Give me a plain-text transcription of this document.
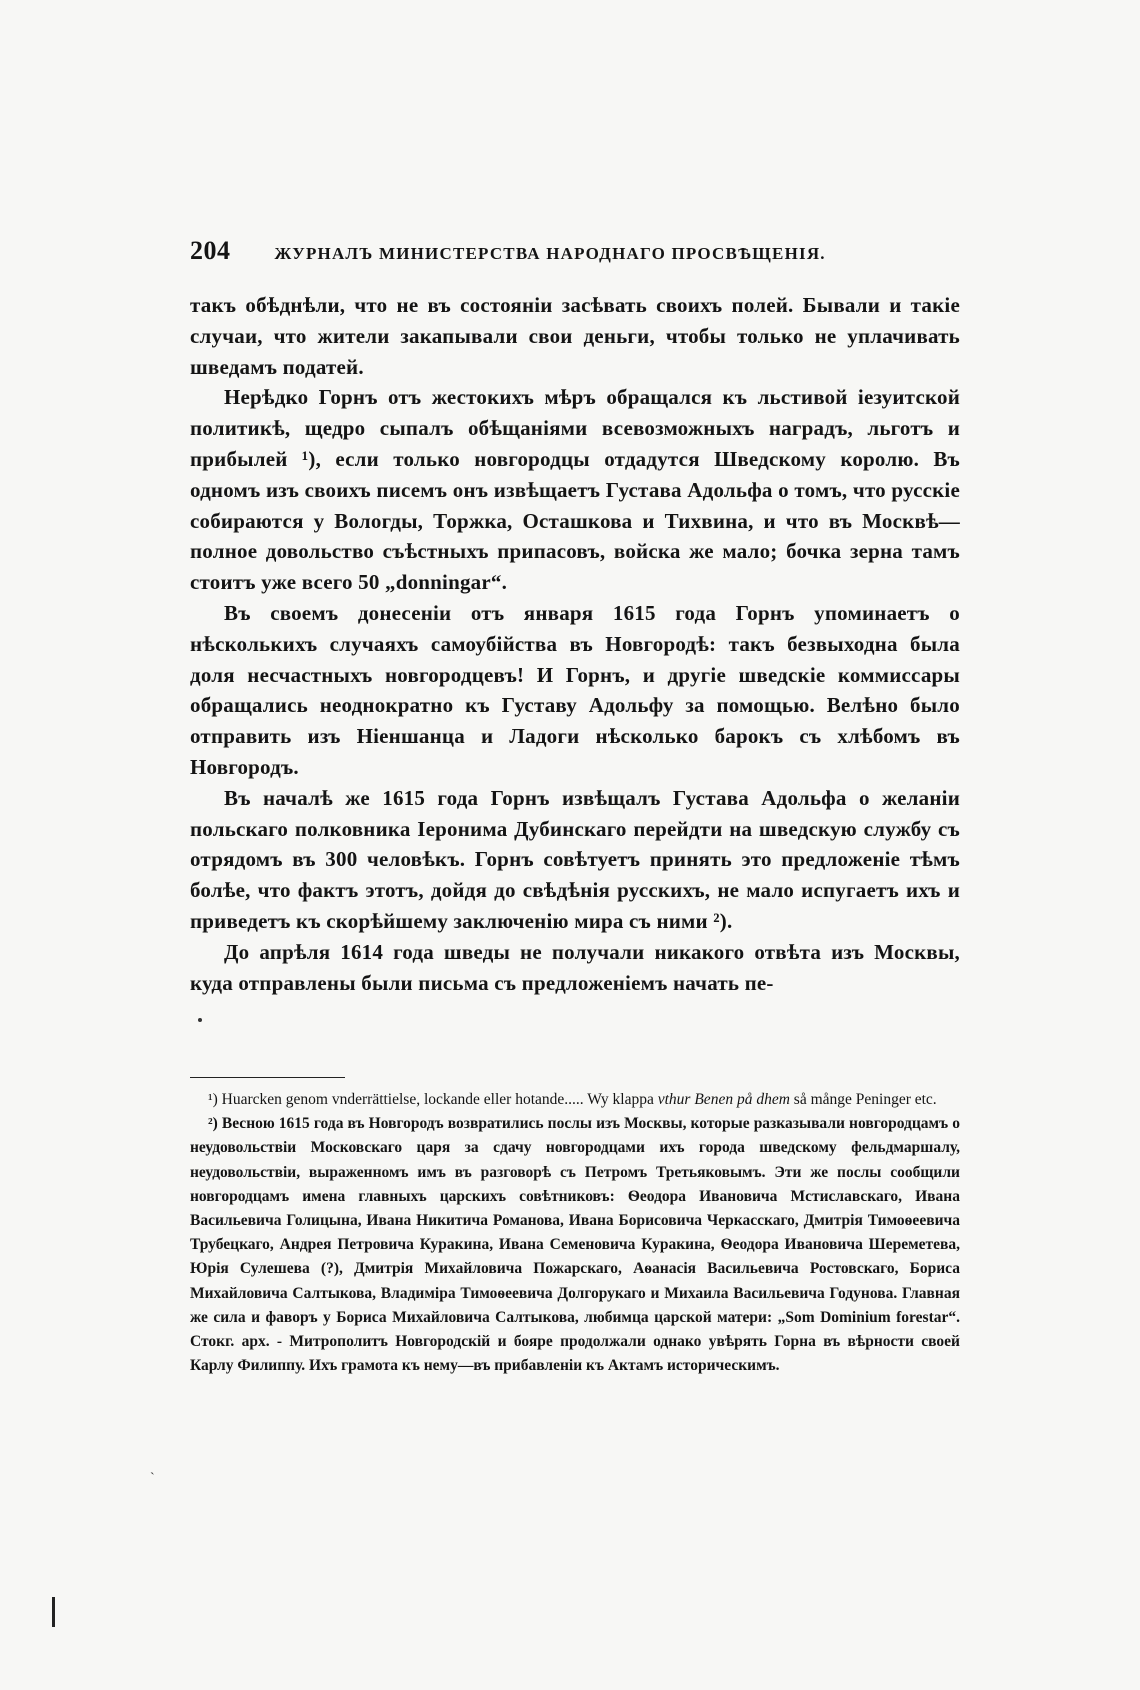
204	ЖУРНАЛЪ МИНИСТЕРСТВА НАРОДНАГО ПРОСВѢЩЕНІЯ.

такъ обѣднѣли, что не въ состояніи засѣвать своихъ полей. Бывали и такіе случаи, что жители закапывали свои деньги, чтобы только не уплачивать шведамъ податей.

Нерѣдко Горнъ отъ жестокихъ мѣръ обращался къ льстивой іезуитской политикѣ, щедро сыпалъ обѣщаніями всевозможныхъ наградъ, льготъ и прибылей ¹), если только новгородцы отдадутся Шведскому королю. Въ одномъ изъ своихъ писемъ онъ извѣщаетъ Густава Адольфа о томъ, что русскіе собираются у Вологды, Торжка, Осташкова и Тихвина, и что въ Москвѣ—полное довольство съѣстныхъ припасовъ, войска же мало; бочка зерна тамъ стоитъ уже всего 50 „donningar“.

Въ своемъ донесеніи отъ января 1615 года Горнъ упоминаетъ о нѣсколькихъ случаяхъ самоубійства въ Новгородѣ: такъ безвыходна была доля несчастныхъ новгородцевъ! И Горнъ, и другіе шведскіе коммиссары обращались неоднократно къ Густаву Адольфу за помощью. Велѣно было отправить изъ Ніеншанца и Ладоги нѣсколько барокъ съ хлѣбомъ въ Новгородъ.

Въ началѣ же 1615 года Горнъ извѣщалъ Густава Адольфа о желаніи польскаго полковника Іеронима Дубинскаго перейдти на шведскую службу съ отрядомъ въ 300 человѣкъ. Горнъ совѣтуетъ принять это предложеніе тѣмъ болѣе, что фактъ этотъ, дойдя до свѣдѣнія русскихъ, не мало испугаетъ ихъ и приведетъ къ скорѣйшему заключенію мира съ ними ²).

До апрѣля 1614 года шведы не получали никакого отвѣта изъ Москвы, куда отправлены были письма съ предложеніемъ начать пе-

¹) Huarcken genom vnderrättielse, lockande eller hotande..... Wy klappa vthur Benen på dhem så månge Peninger etc.

²) Весною 1615 года въ Новгородъ возвратились послы изъ Москвы, которые разказывали новгородцамъ о неудовольствіи Московскаго царя за сдачу новгородцами ихъ города шведскому фельдмаршалу, неудовольствіи, выраженномъ имъ въ разговорѣ съ Петромъ Третьяковымъ. Эти же послы сообщили новгородцамъ имена главныхъ царскихъ совѣтниковъ: Ѳеодора Ивановича Мстиславскаго, Ивана Васильевича Голицына, Ивана Никитича Романова, Ивана Борисовича Черкасскаго, Дмитрія Тимоѳеевича Трубецкаго, Андрея Петровича Куракина, Ивана Семеновича Куракина, Ѳеодора Ивановича Шереметева, Юрія Сулешева (?), Дмитрія Михайловича Пожарскаго, Аѳанасія Васильевича Ростовскаго, Бориса Михайловича Салтыкова, Владиміра Тимоѳеевича Долгорукаго и Михаила Васильевича Годунова. Главная же сила и фаворъ у Бориса Михайловича Салтыкова, любимца царской матери: „Som Dominium forestar“. Стокг. арх. - Митрополитъ Новгородскій и бояре продолжали однако увѣрять Горна въ вѣрности своей Карлу Филиппу. Ихъ грамота къ нему—въ прибавленіи къ Актамъ историческимъ.

`
